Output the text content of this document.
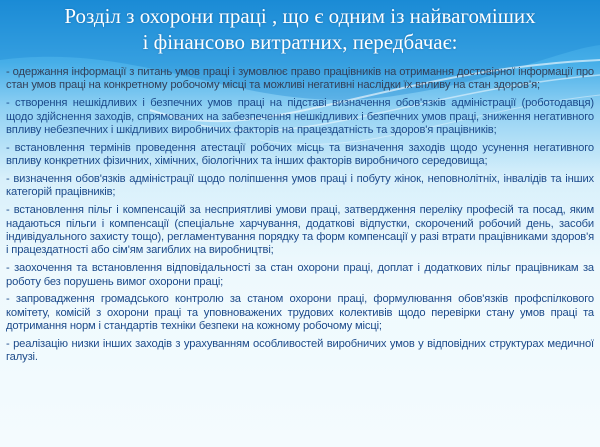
Розділ з охорони праці , що є одним із найвагоміших
і фінансово витратних, передбачає:

- одержання інформації з питань умов праці і зумовлює право працівників на отримання достовірної інформації про стан умов праці на конкретному робочому місці та можливі негативні наслідки їх впливу на стан здоров’я;

- створення нешкідливих і безпечних умов праці на підставі визначення обов'язків адміністрації (роботодавця) щодо здійснення заходів, спрямованих на забезпечення нешкідливих і безпечних умов праці, зниження негативного впливу небезпечних і шкідливих виробничих факторів на працездатність та здоров'я працівників;

- встановлення термінів проведення атестації робочих місць та визначення заходів щодо усунення негативного впливу конкретних фізичних, хімічних, біологічних та інших факторів виробничого середовища;

- визначення обов'язків адміністрації щодо поліпшення умов праці і побуту жінок, неповнолітніх, інвалідів та інших категорій працівників;

- встановлення пільг і компенсацій за несприятливі умови праці, затвердження переліку професій та посад, яким надаються пільги і компенсації (спеціальне харчування, додаткові відпустки, скорочений робочий день, засоби індивідуального захисту тощо), регламентування порядку та форм компенсації у разі втрати працівниками здоров'я і працездатності або сім'ям загиблих на виробництві;

- заохочення та встановлення відповідальності за стан охорони праці, доплат і додаткових пільг працівникам за роботу без порушень вимог охорони праці;

- запровадження громадського контролю за станом охорони праці, формулювання обов'язків профспілкового комітету, комісій з охорони праці та уповноважених трудових колективів щодо перевірки стану умов праці та дотримання норм і стандартів техніки безпеки на кожному робочому місці;

- реалізацію низки інших заходів з урахуванням особливостей виробничих умов у відповідних структурах медичної галузі.
